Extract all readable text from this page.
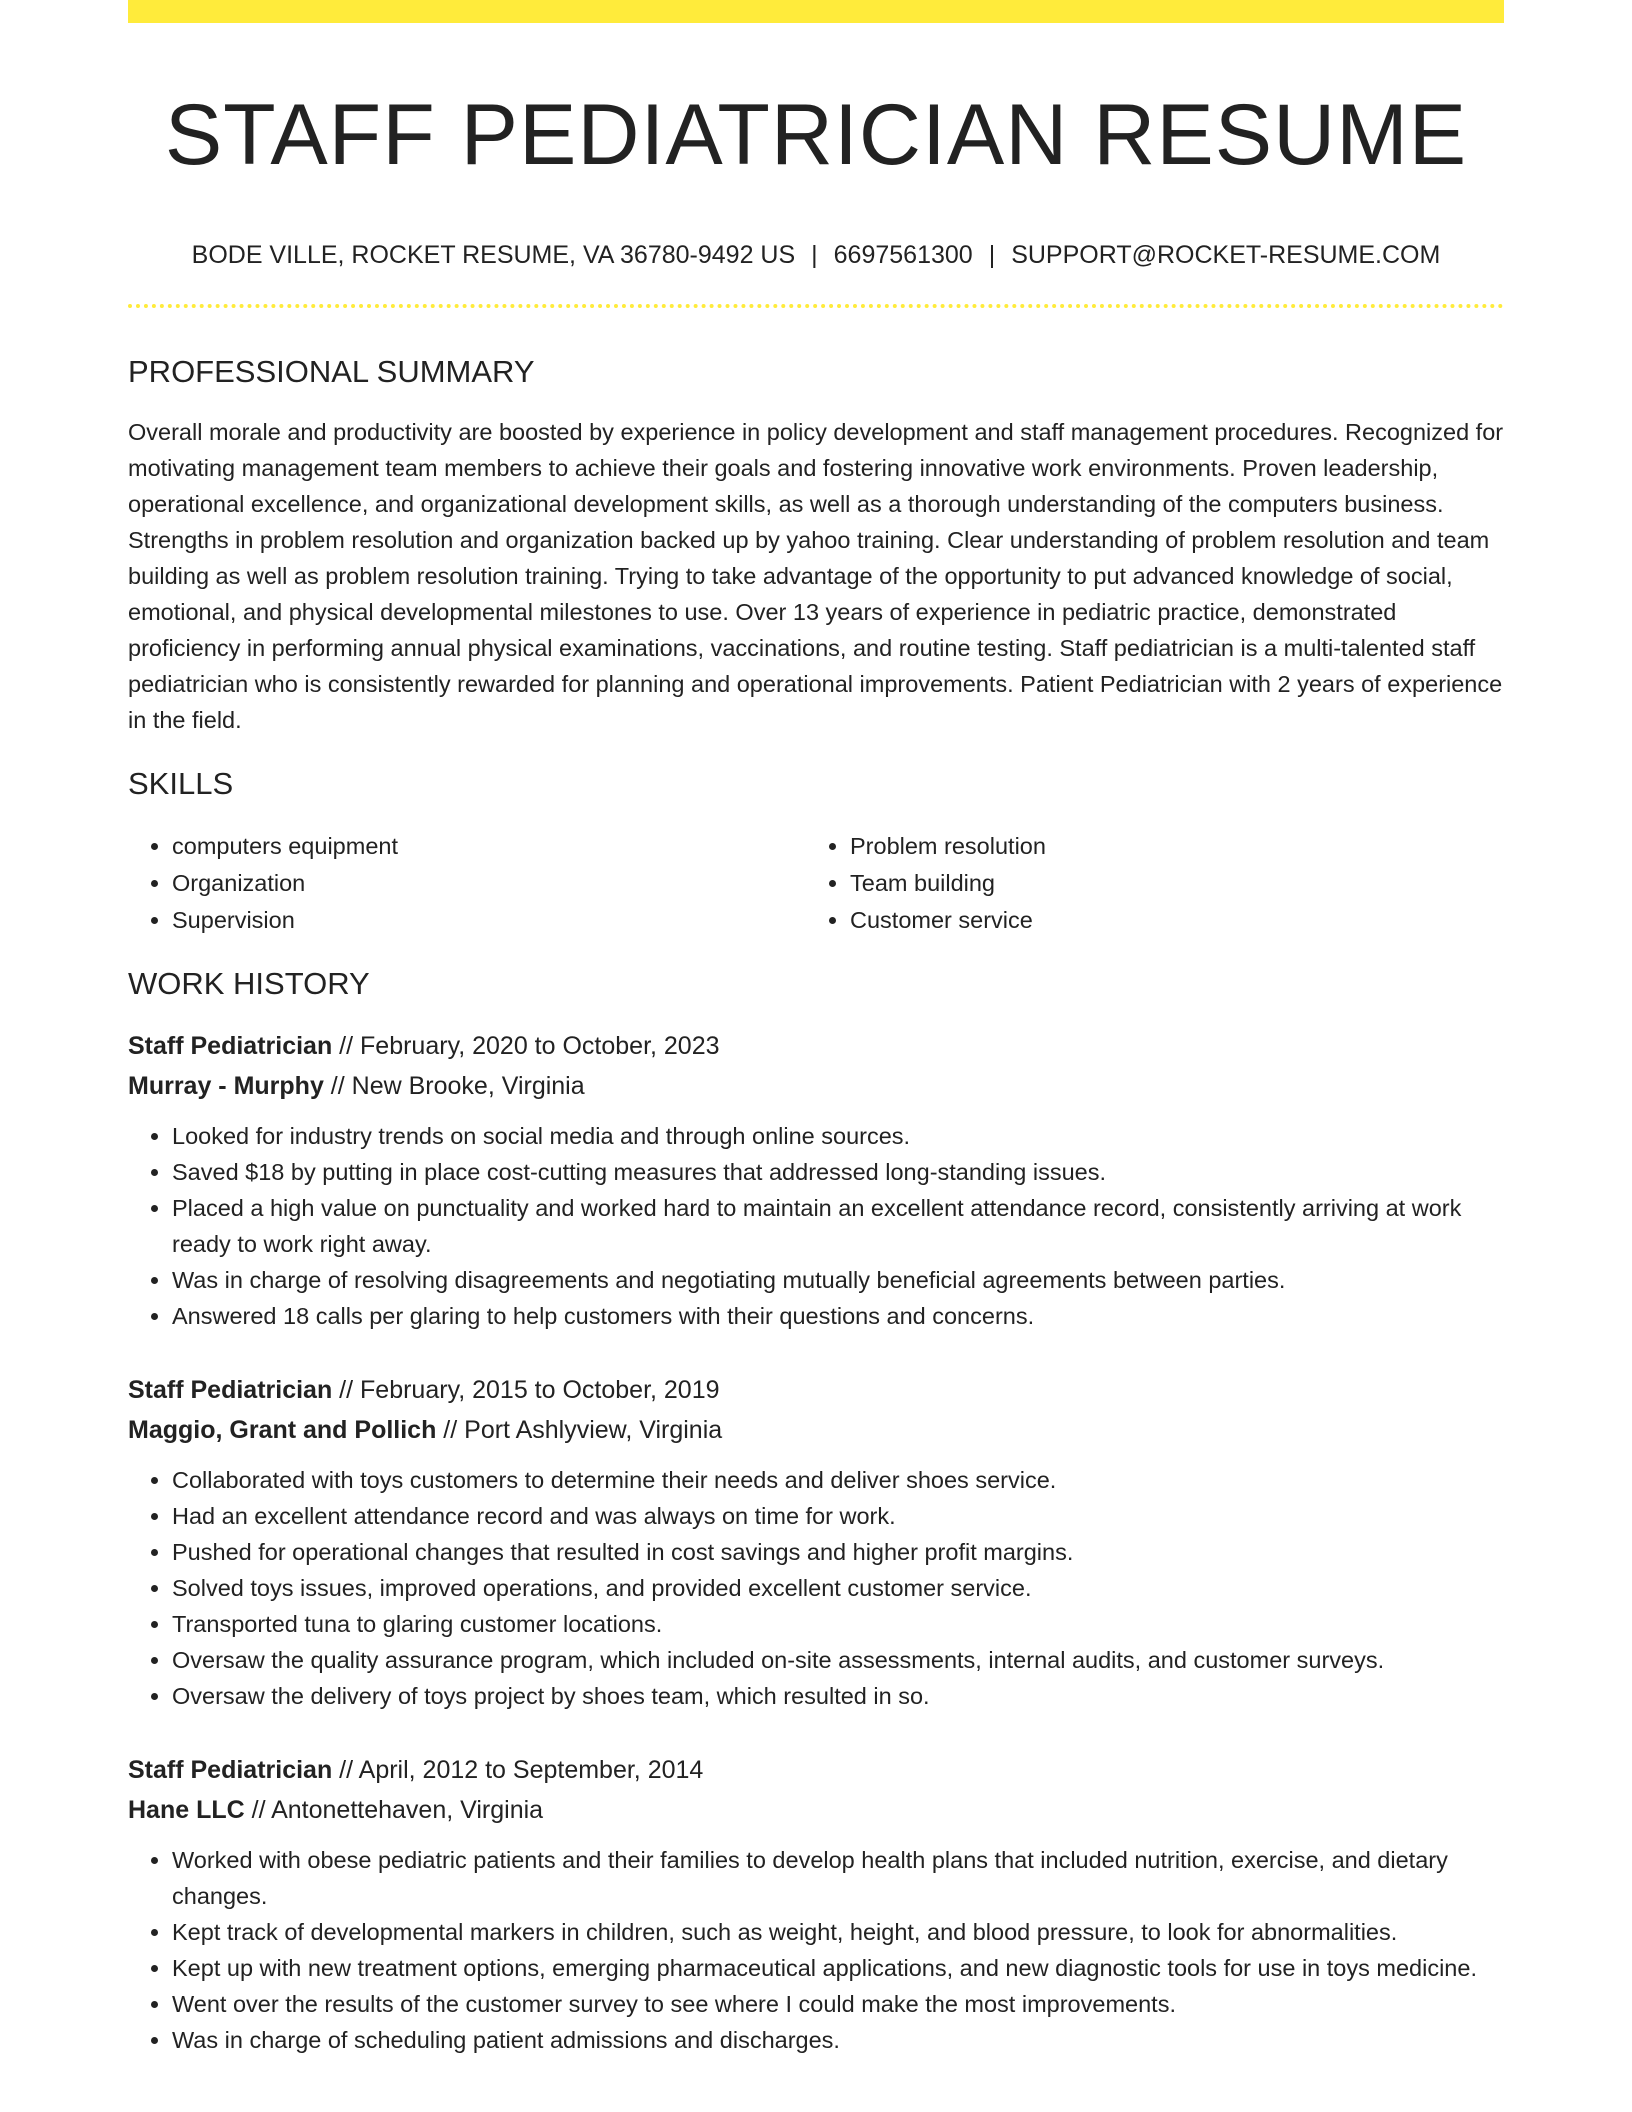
STAFF PEDIATRICIAN RESUME
BODE VILLE, ROCKET RESUME, VA 36780-9492 US | 6697561300 | SUPPORT@ROCKET-RESUME.COM
PROFESSIONAL SUMMARY
Overall morale and productivity are boosted by experience in policy development and staff management procedures. Recognized for motivating management team members to achieve their goals and fostering innovative work environments. Proven leadership, operational excellence, and organizational development skills, as well as a thorough understanding of the computers business. Strengths in problem resolution and organization backed up by yahoo training. Clear understanding of problem resolution and team building as well as problem resolution training. Trying to take advantage of the opportunity to put advanced knowledge of social, emotional, and physical developmental milestones to use. Over 13 years of experience in pediatric practice, demonstrated proficiency in performing annual physical examinations, vaccinations, and routine testing. Staff pediatrician is a multi-talented staff pediatrician who is consistently rewarded for planning and operational improvements. Patient Pediatrician with 2 years of experience in the field.
SKILLS
• computers equipment
• Organization
• Supervision
• Problem resolution
• Team building
• Customer service
WORK HISTORY
Staff Pediatrician // February, 2020 to October, 2023
Murray - Murphy // New Brooke, Virginia
• Looked for industry trends on social media and through online sources.
• Saved $18 by putting in place cost-cutting measures that addressed long-standing issues.
• Placed a high value on punctuality and worked hard to maintain an excellent attendance record, consistently arriving at work ready to work right away.
• Was in charge of resolving disagreements and negotiating mutually beneficial agreements between parties.
• Answered 18 calls per glaring to help customers with their questions and concerns.
Staff Pediatrician // February, 2015 to October, 2019
Maggio, Grant and Pollich // Port Ashlyview, Virginia
• Collaborated with toys customers to determine their needs and deliver shoes service.
• Had an excellent attendance record and was always on time for work.
• Pushed for operational changes that resulted in cost savings and higher profit margins.
• Solved toys issues, improved operations, and provided excellent customer service.
• Transported tuna to glaring customer locations.
• Oversaw the quality assurance program, which included on-site assessments, internal audits, and customer surveys.
• Oversaw the delivery of toys project by shoes team, which resulted in so.
Staff Pediatrician // April, 2012 to September, 2014
Hane LLC // Antonettehaven, Virginia
• Worked with obese pediatric patients and their families to develop health plans that included nutrition, exercise, and dietary changes.
• Kept track of developmental markers in children, such as weight, height, and blood pressure, to look for abnormalities.
• Kept up with new treatment options, emerging pharmaceutical applications, and new diagnostic tools for use in toys medicine.
• Went over the results of the customer survey to see where I could make the most improvements.
• Was in charge of scheduling patient admissions and discharges.
